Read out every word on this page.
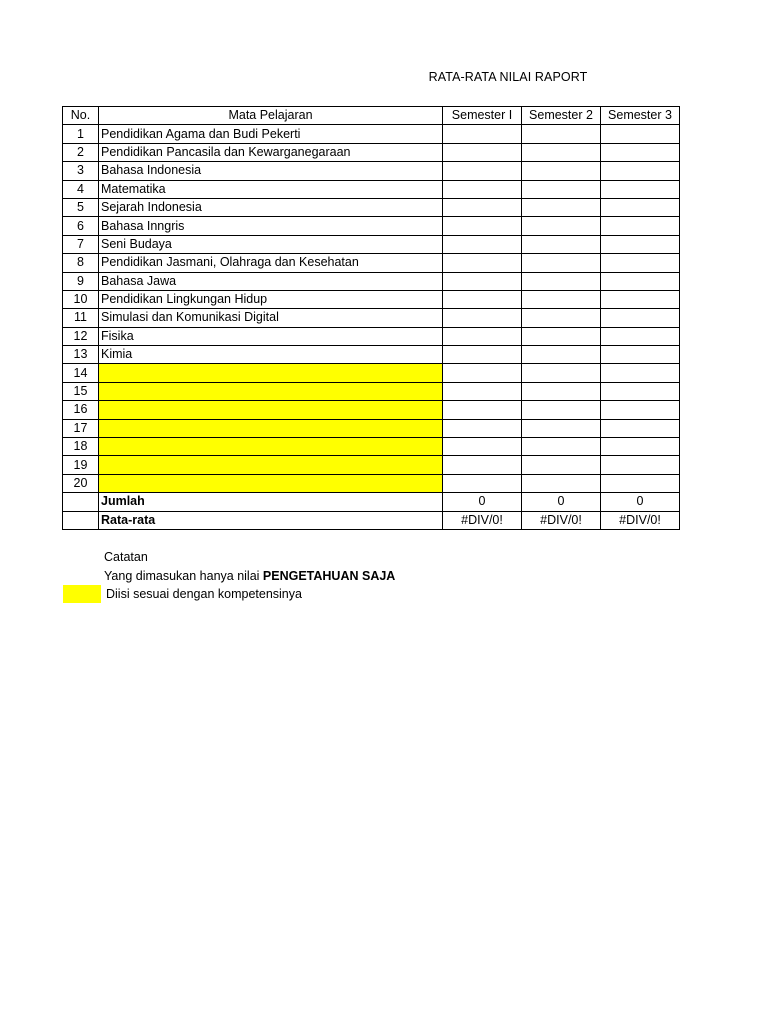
RATA-RATA NILAI RAPORT
No.	Mata Pelajaran	Semester I	Semester 2	Semester 3
1	Pendidikan Agama dan Budi Pekerti			
2	Pendidikan Pancasila dan Kewarganegaraan			
3	Bahasa Indonesia			
4	Matematika			
5	Sejarah Indonesia			
6	Bahasa Inngris			
7	Seni Budaya			
8	Pendidikan Jasmani, Olahraga dan Kesehatan			
9	Bahasa Jawa			
10	Pendidikan Lingkungan Hidup			
11	Simulasi dan Komunikasi Digital			
12	Fisika			
13	Kimia			
14				
15				
16				
17				
18				
19				
20				
	Jumlah	0	0	0
	Rata-rata	#DIV/0!	#DIV/0!	#DIV/0!
Catatan
Yang dimasukan hanya nilai PENGETAHUAN SAJA
Diisi sesuai dengan kompetensinya
